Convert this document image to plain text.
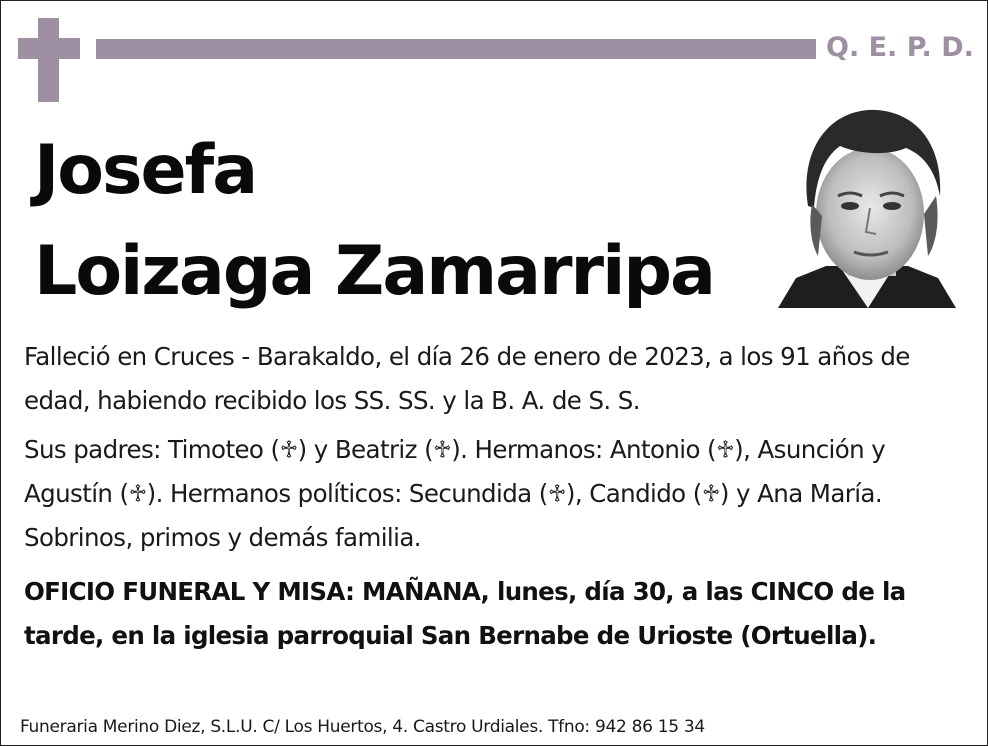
Q. E. P. D.
Josefa
Loizaga Zamarripa
Falleció en Cruces - Barakaldo, el día 26 de enero de 2023, a los 91 años de edad, habiendo recibido los SS. SS. y la B. A. de S. S.
Sus padres: Timoteo (♱) y Beatriz (♱). Hermanos: Antonio (♱), Asunción y Agustín (♱). Hermanos políticos: Secundida (♱), Candido (♱) y Ana María. Sobrinos, primos y demás familia.
OFICIO FUNERAL Y MISA: MAÑANA, lunes, día 30, a las CINCO de la tarde, en la iglesia parroquial San Bernabe de Urioste (Ortuella).
Funeraria Merino Diez, S.L.U. C/ Los Huertos, 4. Castro Urdiales. Tfno: 942 86 15 34
